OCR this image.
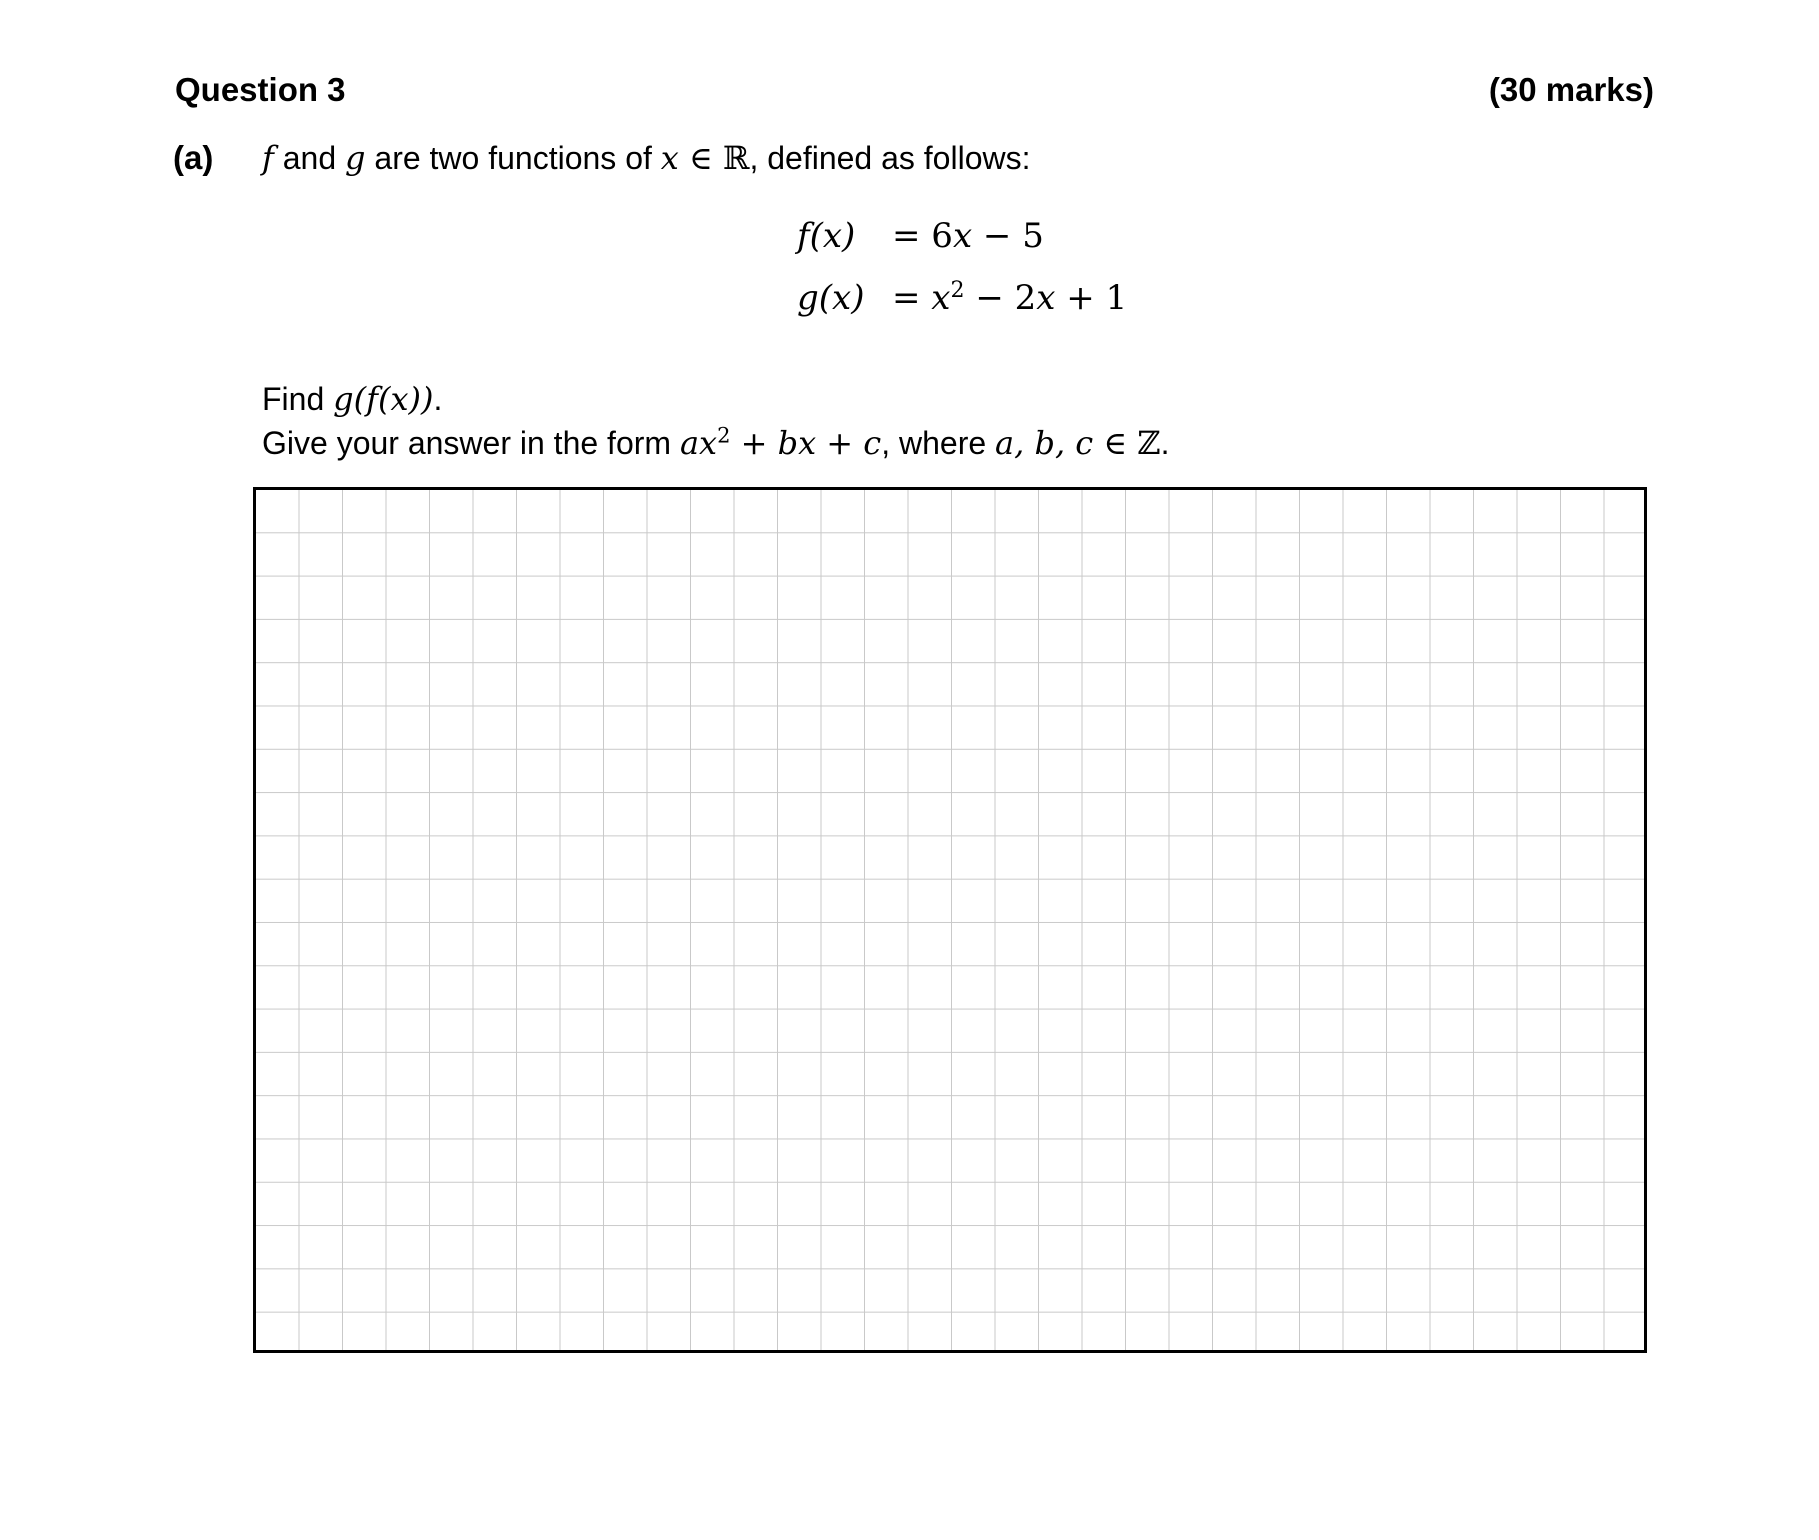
Question 3	(30 marks)
(a) f and g are two functions of x ∈ ℝ, defined as follows:
f(x)	= 6x − 5
$g(x) = x^2 - 2x + 1$
Find g(f(x)).
Give your answer in the form $ax^2$ + bx + c, where a, b, c ∈ ℤ.
